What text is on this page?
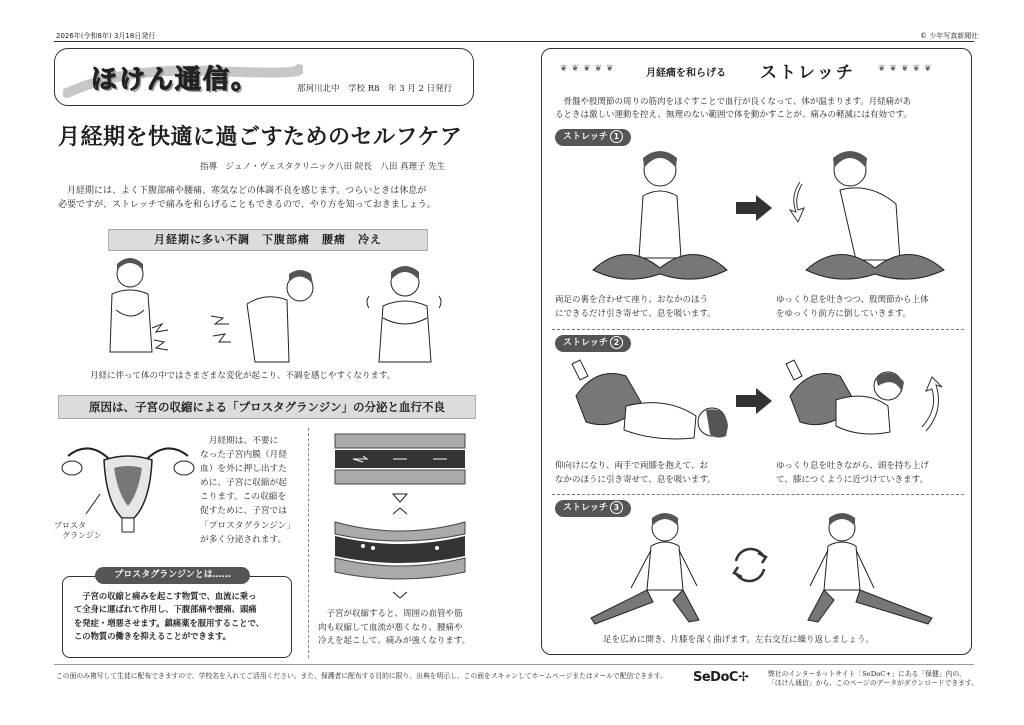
2026年(令和8年) 3月18日発行	© 少年写真新聞社
ほけん通信。	那珂川北中　学校 R8　年 3 月 2 日発行
月経期を快適に過ごすためのセルフケア
指導　ジュノ・ヴェスタクリニック八田 院長　八田 真理子 先生
月経期には、よく下腹部痛や腰痛、寒気などの体調不良を感じます。つらいときは休息が
必要ですが、ストレッチで痛みを和らげることもできるので、やり方を知っておきましょう。
月経期に多い不調　下腹部痛　腰痛　冷え
月経に伴って体の中ではさまざまな変化が起こり、不調を感じやすくなります。
原因は、子宮の収縮による「プロスタグランジン」の分泌と血行不良
プロスタ
グランジン
月経期は、不要に
なった子宮内膜（月経
血）を外に押し出すた
めに、子宮に収縮が起
こります。この収縮を
促すために、子宮では
「プロスタグランジン」
が多く分泌されます。
子宮が収縮すると、周囲の血管や筋
肉も収縮して血流が悪くなり、腰痛や
冷えを起こして、痛みが強くなります。
プロスタグランジンとは……
子宮の収縮と痛みを起こす物質で、血流に乗っ
て全身に運ばれて作用し、下腹部痛や腰痛、頭痛
を発症・増悪させます。鎮痛薬を服用することで、
この物質の働きを抑えることができます。
❦❦❦❦❦	月経痛を和らげる ストレッチ	❦❦❦❦❦
骨盤や股関節の周りの筋肉をほぐすことで血行が良くなって、体が温まります。月経痛があ
るときは激しい運動を控え、無理のない範囲で体を動かすことが、痛みの軽減には有効です。
ストレッチ 1
両足の裏を合わせて座り、おなかのほう
にできるだけ引き寄せて、息を吸います。
ゆっくり息を吐きつつ、股関節から上体
をゆっくり前方に倒していきます。
ストレッチ 2
仰向けになり、両手で両膝を抱えて、お
なかのほうに引き寄せて、息を吸います。
ゆっくり息を吐きながら、頭を持ち上げ
て、膝につくように近づけていきます。
ストレッチ 3
足を広めに開き、片膝を深く曲げます。左右交互に繰り返しましょう。
この面のみ複写して生徒に配布できますので、学校名を入れてご活用ください。また、保護者に配布する目的に限り、出典を明示し、この面をスキャンしてホームページまたはメールで配信できます。	SeDoC✢	弊社のインターネットサイト「SeDoC+」にある「保健」内の、
「ほけん通信」から、このページのデータがダウンロードできます。
